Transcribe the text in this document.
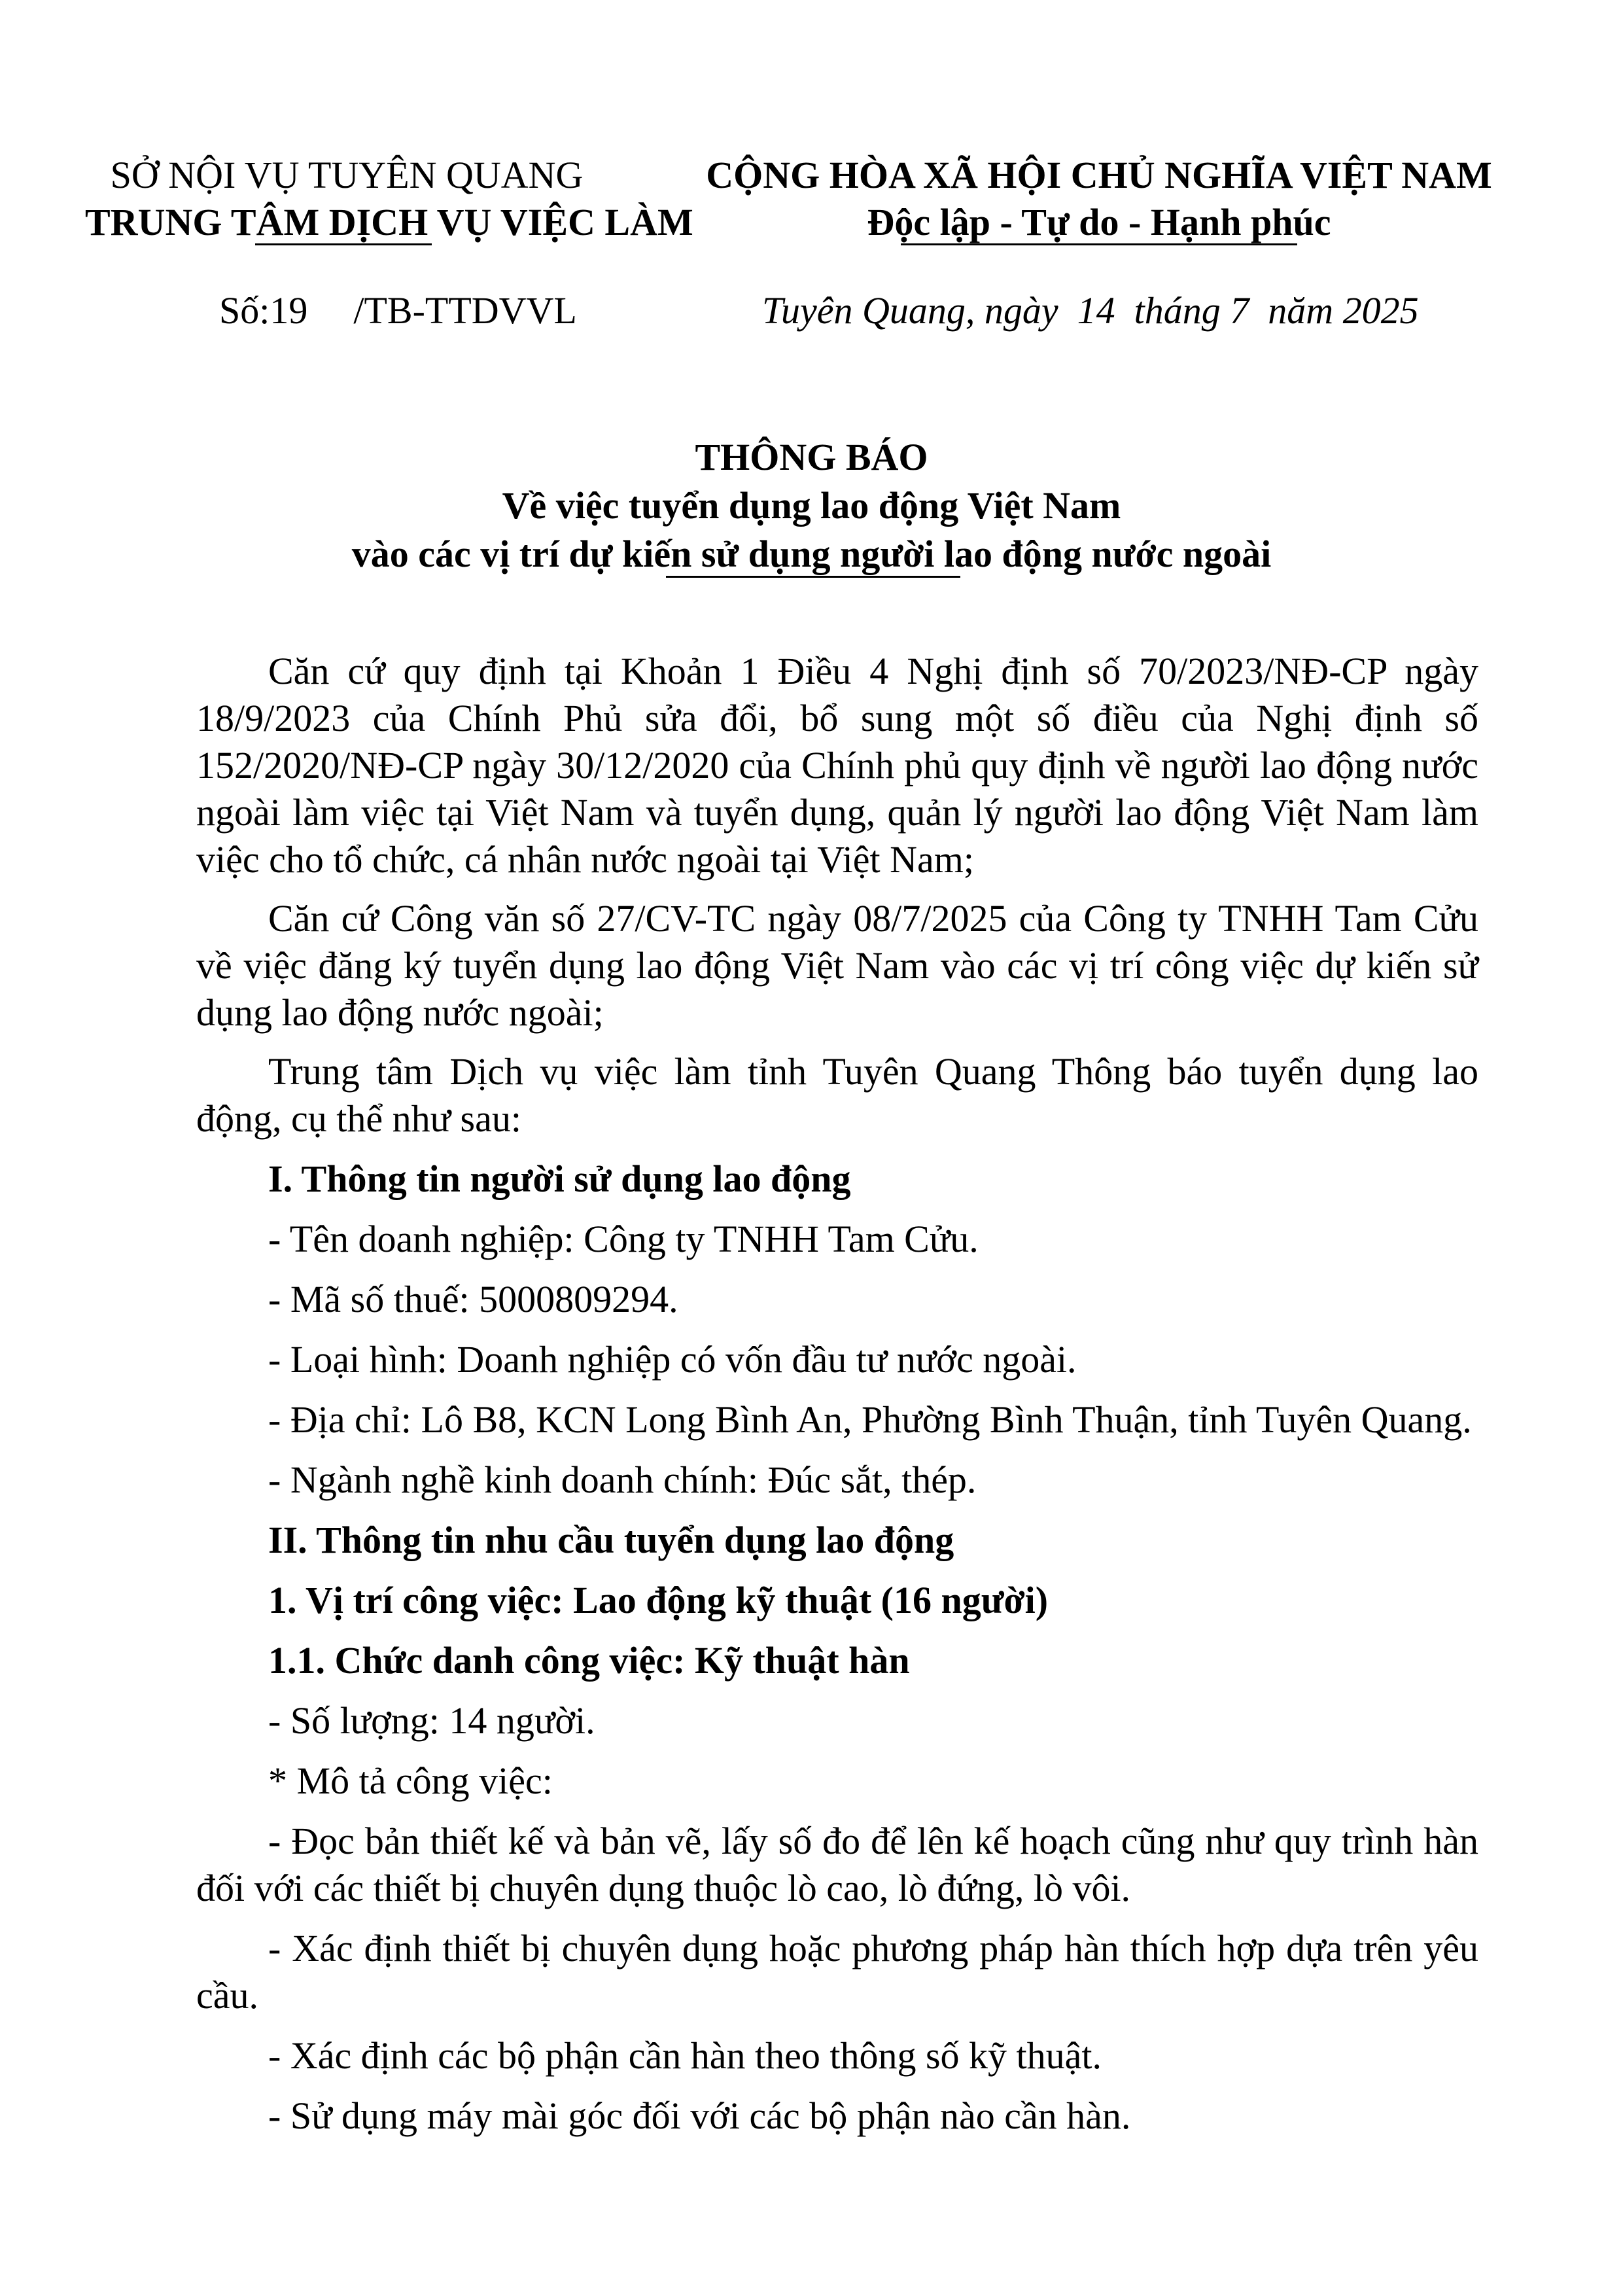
SỞ NỘI VỤ TUYÊN QUANG
TRUNG TÂM DỊCH VỤ VIỆC LÀM
Số:19 /TB-TTDVVL
CỘNG HÒA XÃ HỘI CHỦ NGHĨA VIỆT NAM
Độc lập - Tự do - Hạnh phúc
Tuyên Quang, ngày  14  tháng 7  năm 2025
THÔNG BÁO
Về việc tuyển dụng lao động Việt Nam
vào các vị trí dự kiến sử dụng người lao động nước ngoài

Căn cứ quy định tại Khoản 1 Điều 4 Nghị định số 70/2023/NĐ-CP ngày 18/9/2023 của Chính Phủ sửa đổi, bổ sung một số điều của Nghị định số 152/2020/NĐ-CP ngày 30/12/2020 của Chính phủ quy định về người lao động nước ngoài làm việc tại Việt Nam và tuyển dụng, quản lý người lao động Việt Nam làm việc cho tổ chức, cá nhân nước ngoài tại Việt Nam;

Căn cứ Công văn số 27/CV-TC ngày 08/7/2025 của Công ty TNHH Tam Cửu về việc đăng ký tuyển dụng lao động Việt Nam vào các vị trí công việc dự kiến sử dụng lao động nước ngoài;

Trung tâm Dịch vụ việc làm tỉnh Tuyên Quang Thông báo tuyển dụng lao động, cụ thể như sau:

I. Thông tin người sử dụng lao động

- Tên doanh nghiệp: Công ty TNHH Tam Cửu.

- Mã số thuế: 5000809294.

- Loại hình: Doanh nghiệp có vốn đầu tư nước ngoài.

- Địa chỉ: Lô B8, KCN Long Bình An, Phường Bình Thuận, tỉnh Tuyên Quang.

- Ngành nghề kinh doanh chính: Đúc sắt, thép.

II. Thông tin nhu cầu tuyển dụng lao động

1. Vị trí công việc: Lao động kỹ thuật (16 người)

1.1. Chức danh công việc: Kỹ thuật hàn

- Số lượng: 14 người.

* Mô tả công việc:

- Đọc bản thiết kế và bản vẽ, lấy số đo để lên kế hoạch cũng như quy trình hàn đối với các thiết bị chuyên dụng thuộc lò cao, lò đứng, lò vôi.

- Xác định thiết bị chuyên dụng hoặc phương pháp hàn thích hợp dựa trên yêu cầu.

- Xác định các bộ phận cần hàn theo thông số kỹ thuật.

- Sử dụng máy mài góc đối với các bộ phận nào cần hàn.
